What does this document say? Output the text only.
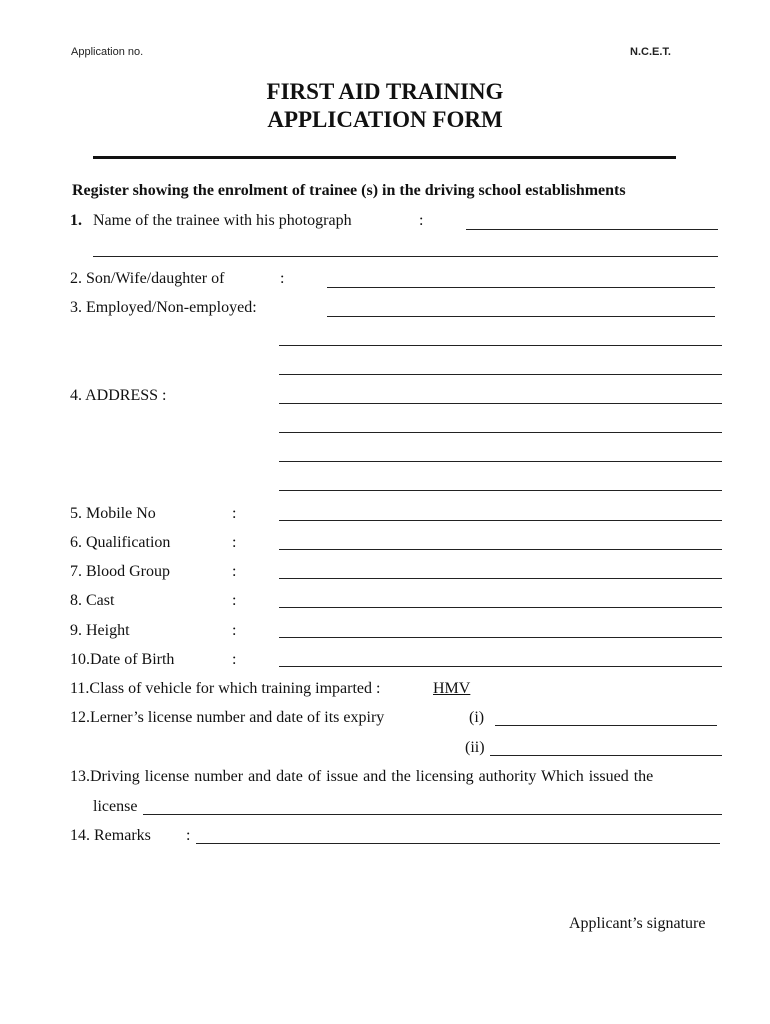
Application no.	N.C.E.T.
FIRST AID TRAINING
APPLICATION FORM
Register showing the enrolment of trainee (s) in the driving school establishments
1. Name of the trainee with his photograph	:
2. Son/Wife/daughter of	:
3. Employed/Non-employed:
4. ADDRESS :
5. Mobile No	:
6. Qualification	:
7. Blood Group	:
8. Cast	:
9. Height	:
10.Date of Birth	:
11.Class of vehicle for which training imparted :	HMV
12.Lerner’s license number and date of its expiry	(i)
(ii)
13.Driving license number and date of issue and the licensing authority Which issued the
license
14. Remarks :
Applicant’s signature
